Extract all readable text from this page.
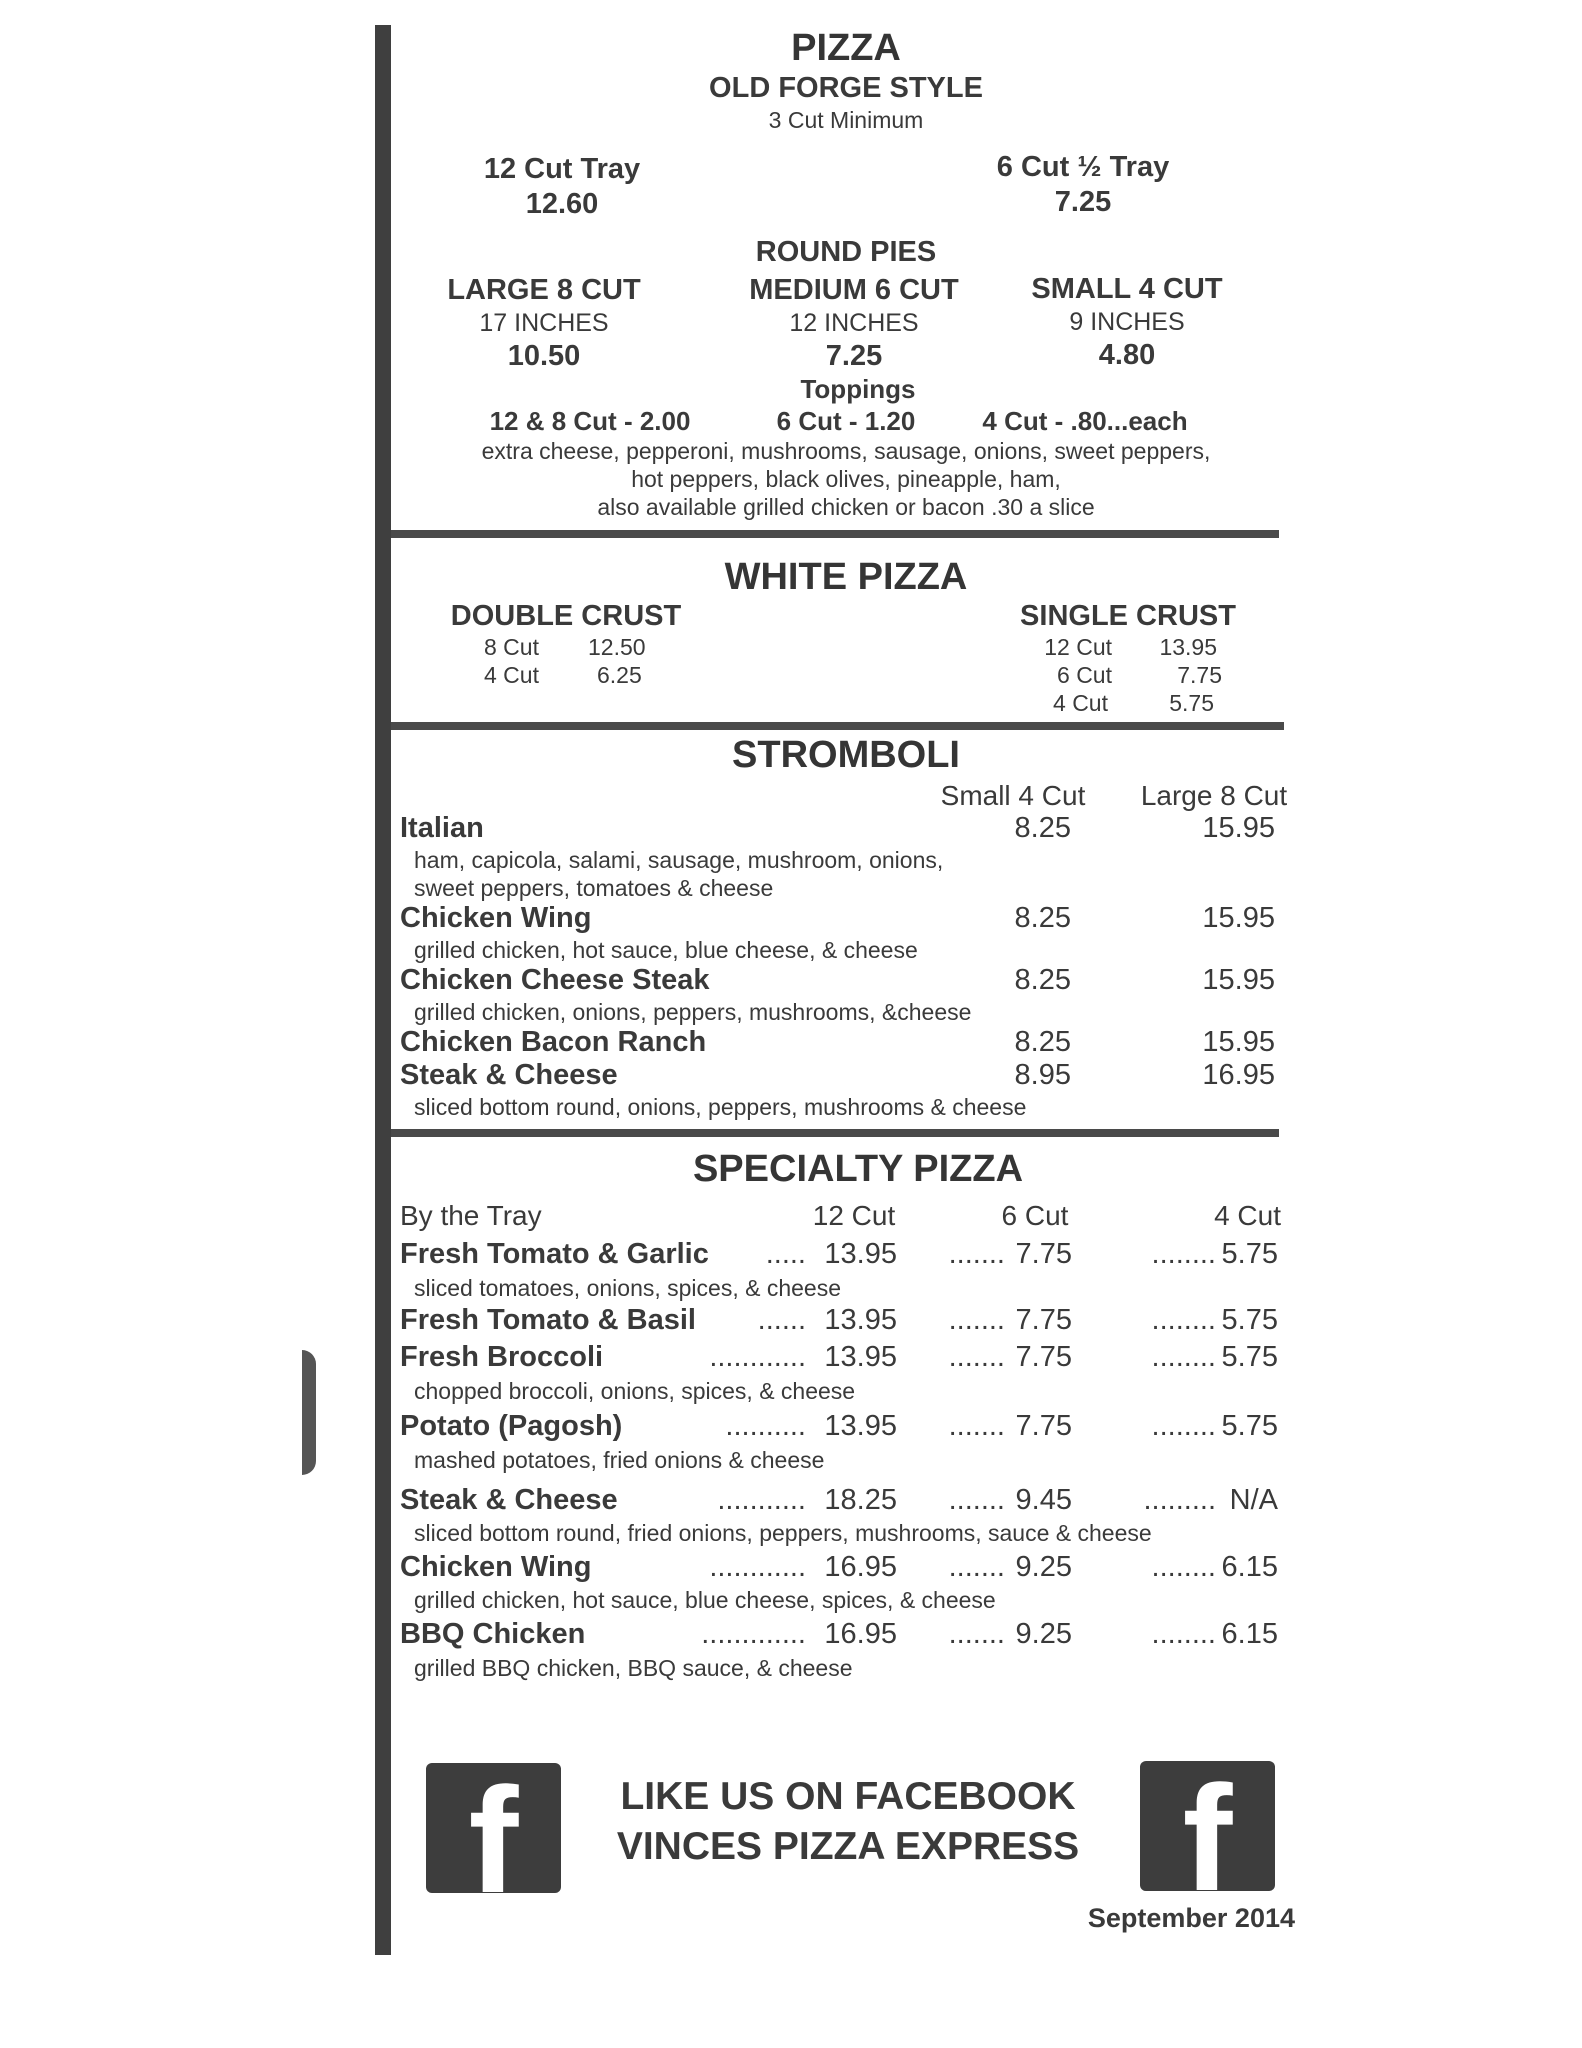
PIZZA
OLD FORGE STYLE
3 Cut Minimum
12 Cut Tray
12.60
6 Cut ½ Tray
7.25
ROUND PIES
LARGE 8 CUT
17 INCHES
10.50
MEDIUM 6 CUT
12 INCHES
7.25
SMALL 4 CUT
9 INCHES
4.80
Toppings
12 & 8 Cut - 2.00	6 Cut - 1.20	4 Cut - .80...each
extra cheese, pepperoni, mushrooms, sausage, onions, sweet peppers,
hot peppers, black olives, pineapple, ham,
also available grilled chicken or bacon .30 a slice
WHITE PIZZA
DOUBLE CRUST
8 Cut 12.50
4 Cut	6.25
SINGLE CRUST
12 Cut 13.95
6 Cut	7.75
4 Cut	5.75
STROMBOLI
Small 4 Cut Large 8 Cut
Italian	8.25	15.95
ham, capicola, salami, sausage, mushroom, onions,
sweet peppers, tomatoes & cheese
Chicken Wing	8.25	15.95
grilled chicken, hot sauce, blue cheese, & cheese
Chicken Cheese Steak	8.25	15.95
grilled chicken, onions, peppers, mushrooms, &cheese
Chicken Bacon Ranch	8.25	15.95
Steak & Cheese	8.95	16.95
sliced bottom round, onions, peppers, mushrooms & cheese
SPECIALTY PIZZA
By the Tray	12 Cut	6 Cut	4 Cut
Fresh Tomato & Garlic ..... 13.95 ....... 7.75	........ 5.75
sliced tomatoes, onions, spices, & cheese
Fresh Tomato & Basil ...... 13.95 ....... 7.75	........ 5.75
Fresh Broccoli	............ 13.95 ....... 7.75	........ 5.75
chopped broccoli, onions, spices, & cheese
Potato (Pagosh)	.......... 13.95 ....... 7.75	........ 5.75
mashed potatoes, fried onions & cheese
Steak & Cheese	........... 18.25 ....... 9.45 ......... N/A
sliced bottom round, fried onions, peppers, mushrooms, sauce & cheese
Chicken Wing	............ 16.95 ....... 9.25	........ 6.15
grilled chicken, hot sauce, blue cheese, spices, & cheese
BBQ Chicken	............. 16.95 ....... 9.25	........ 6.15
grilled BBQ chicken, BBQ sauce, & cheese
f	f
LIKE US ON FACEBOOK
VINCES PIZZA EXPRESS
September 2014
